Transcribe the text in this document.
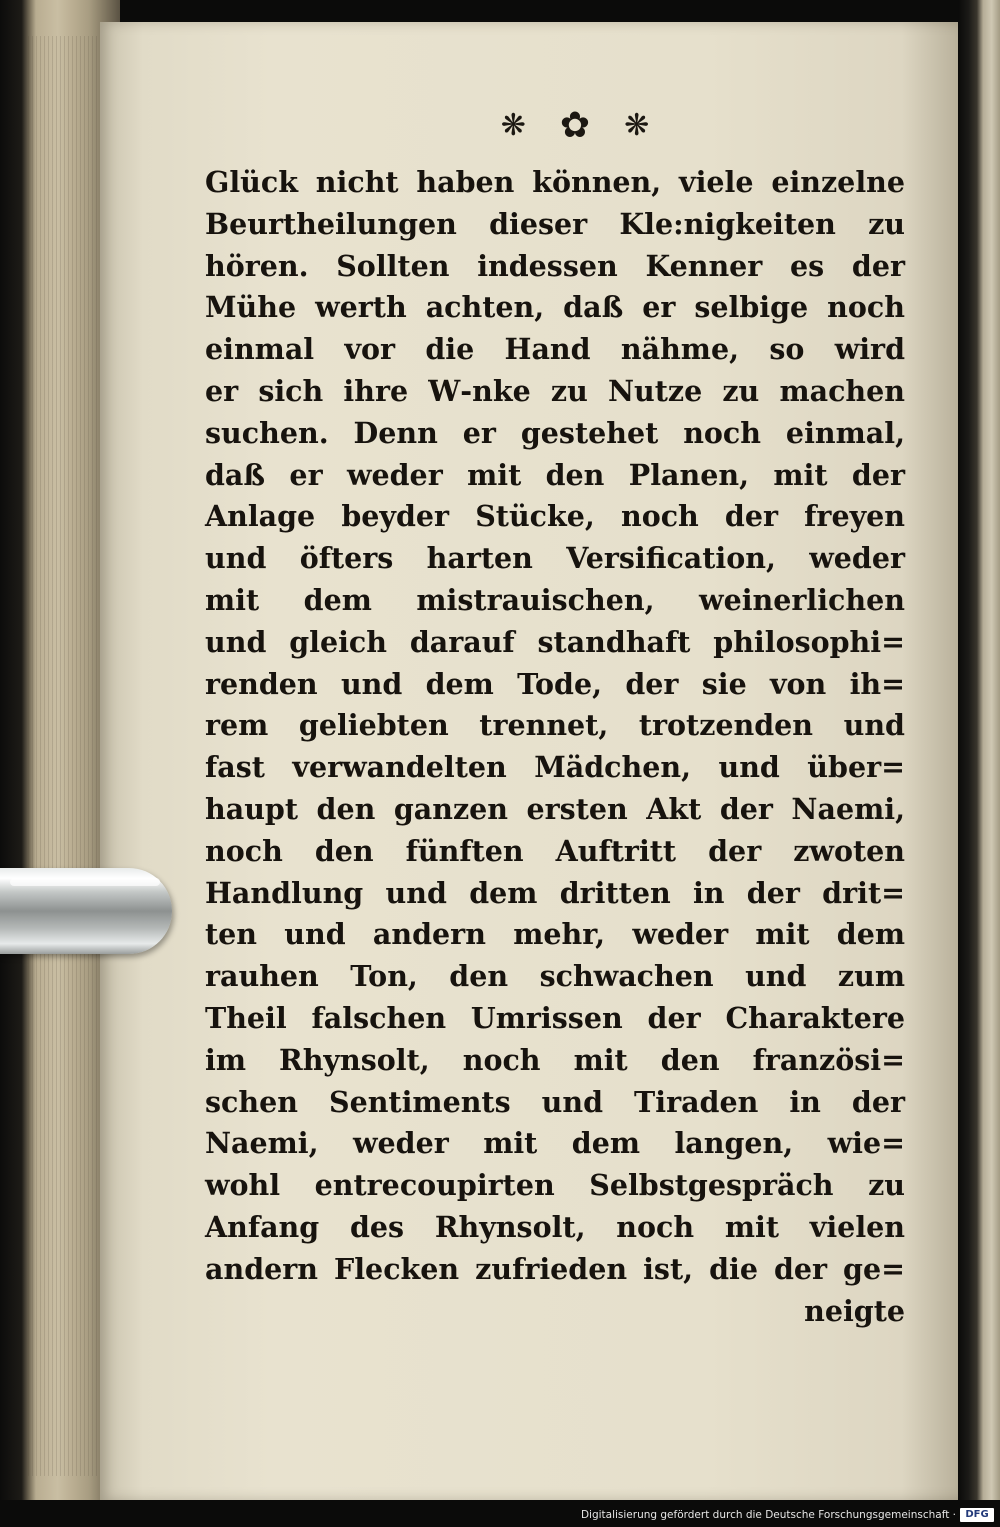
❋ ✿ ❋
Glück nicht haben können, viele einzelne
Beurtheilungen dieser Kle:nigkeiten zu
hören. Sollten indessen Kenner es der
Mühe werth achten, daß er selbige noch
einmal vor die Hand nähme, so wird
er sich ihre W‑nke zu Nutze zu machen
suchen. Denn er gestehet noch einmal,
daß er weder mit den Planen, mit der
Anlage beyder Stücke, noch der freyen
und öfters harten Versification, weder
mit dem mistrauischen, weinerlichen
und gleich darauf standhaft philosophi=
renden und dem Tode, der sie von ih=
rem geliebten trennet, trotzenden und
fast verwandelten Mädchen, und über=
haupt den ganzen ersten Akt der Naemi,
noch den fünften Auftritt der zwoten
Handlung und dem dritten in der drit=
ten und andern mehr, weder mit dem
rauhen Ton, den schwachen und zum
Theil falschen Umrissen der Charaktere
im Rhynsolt, noch mit den französi=
schen Sentiments und Tiraden in der
Naemi, weder mit dem langen, wie=
wohl entrecoupirten Selbstgespräch zu
Anfang des Rhynsolt, noch mit vielen
andern Flecken zufrieden ist, die der ge=
neigte
Digitalisierung gefördert durch die Deutsche Forschungsgemeinschaft · DFG
